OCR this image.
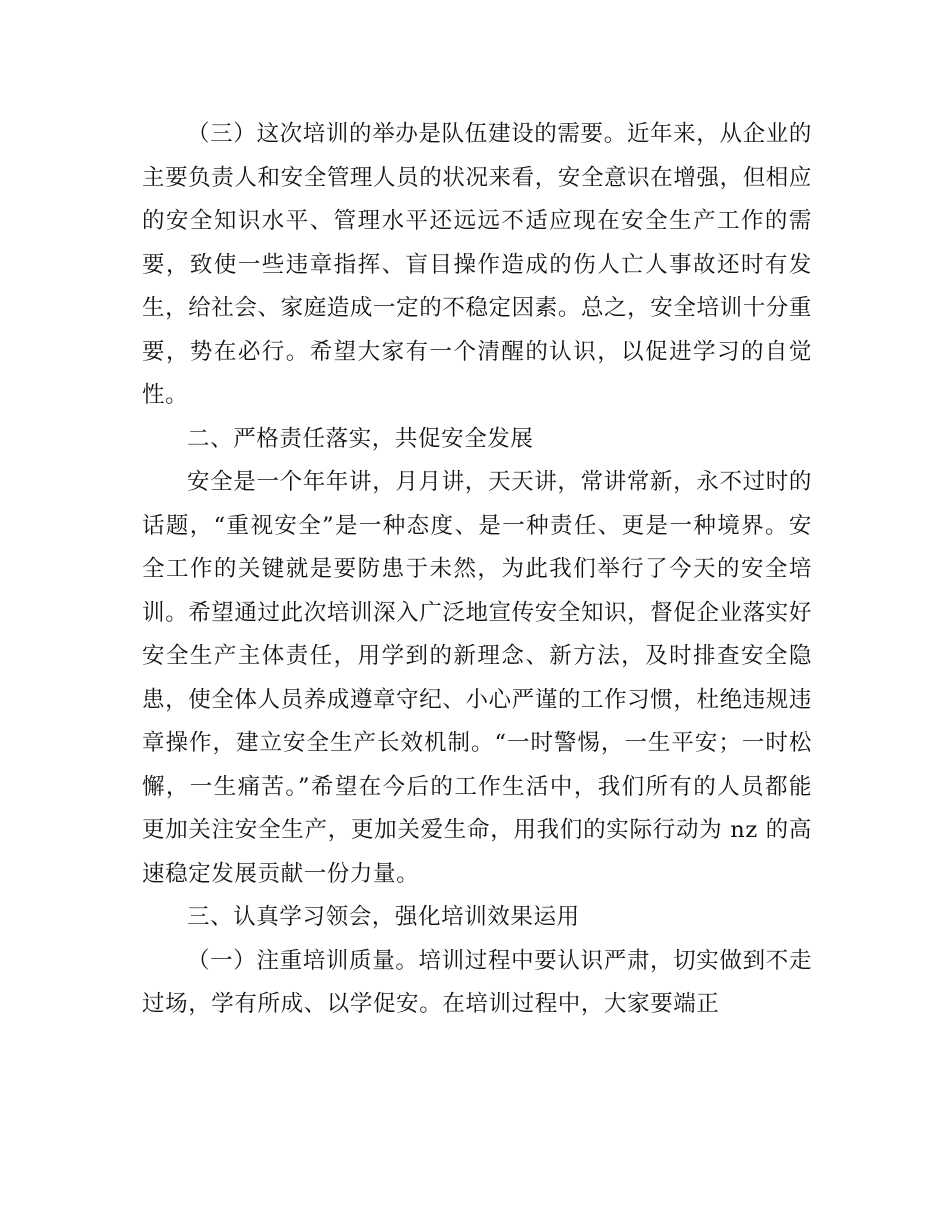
（三）这次培训的举办是队伍建设的需要。近年来，从企业的主要负责人和安全管理人员的状况来看，安全意识在增强，但相应的安全知识水平、管理水平还远远不适应现在安全生产工作的需要，致使一些违章指挥、盲目操作造成的伤人亡人事故还时有发生，给社会、家庭造成一定的不稳定因素。总之，安全培训十分重要，势在必行。希望大家有一个清醒的认识，以促进学习的自觉性。

二、严格责任落实，共促安全发展

安全是一个年年讲，月月讲，天天讲，常讲常新，永不过时的话题，“重视安全”是一种态度、是一种责任、更是一种境界。安全工作的关键就是要防患于未然，为此我们举行了今天的安全培训。希望通过此次培训深入广泛地宣传安全知识，督促企业落实好安全生产主体责任，用学到的新理念、新方法，及时排查安全隐患，使全体人员养成遵章守纪、小心严谨的工作习惯，杜绝违规违章操作，建立安全生产长效机制。“一时警惕，一生平安；一时松懈，一生痛苦。”希望在今后的工作生活中，我们所有的人员都能更加关注安全生产，更加关爱生命，用我们的实际行动为 nz 的高速稳定发展贡献一份力量。

三、认真学习领会，强化培训效果运用

（一）注重培训质量。培训过程中要认识严肃，切实做到不走过场，学有所成、以学促安。在培训过程中，大家要端正
